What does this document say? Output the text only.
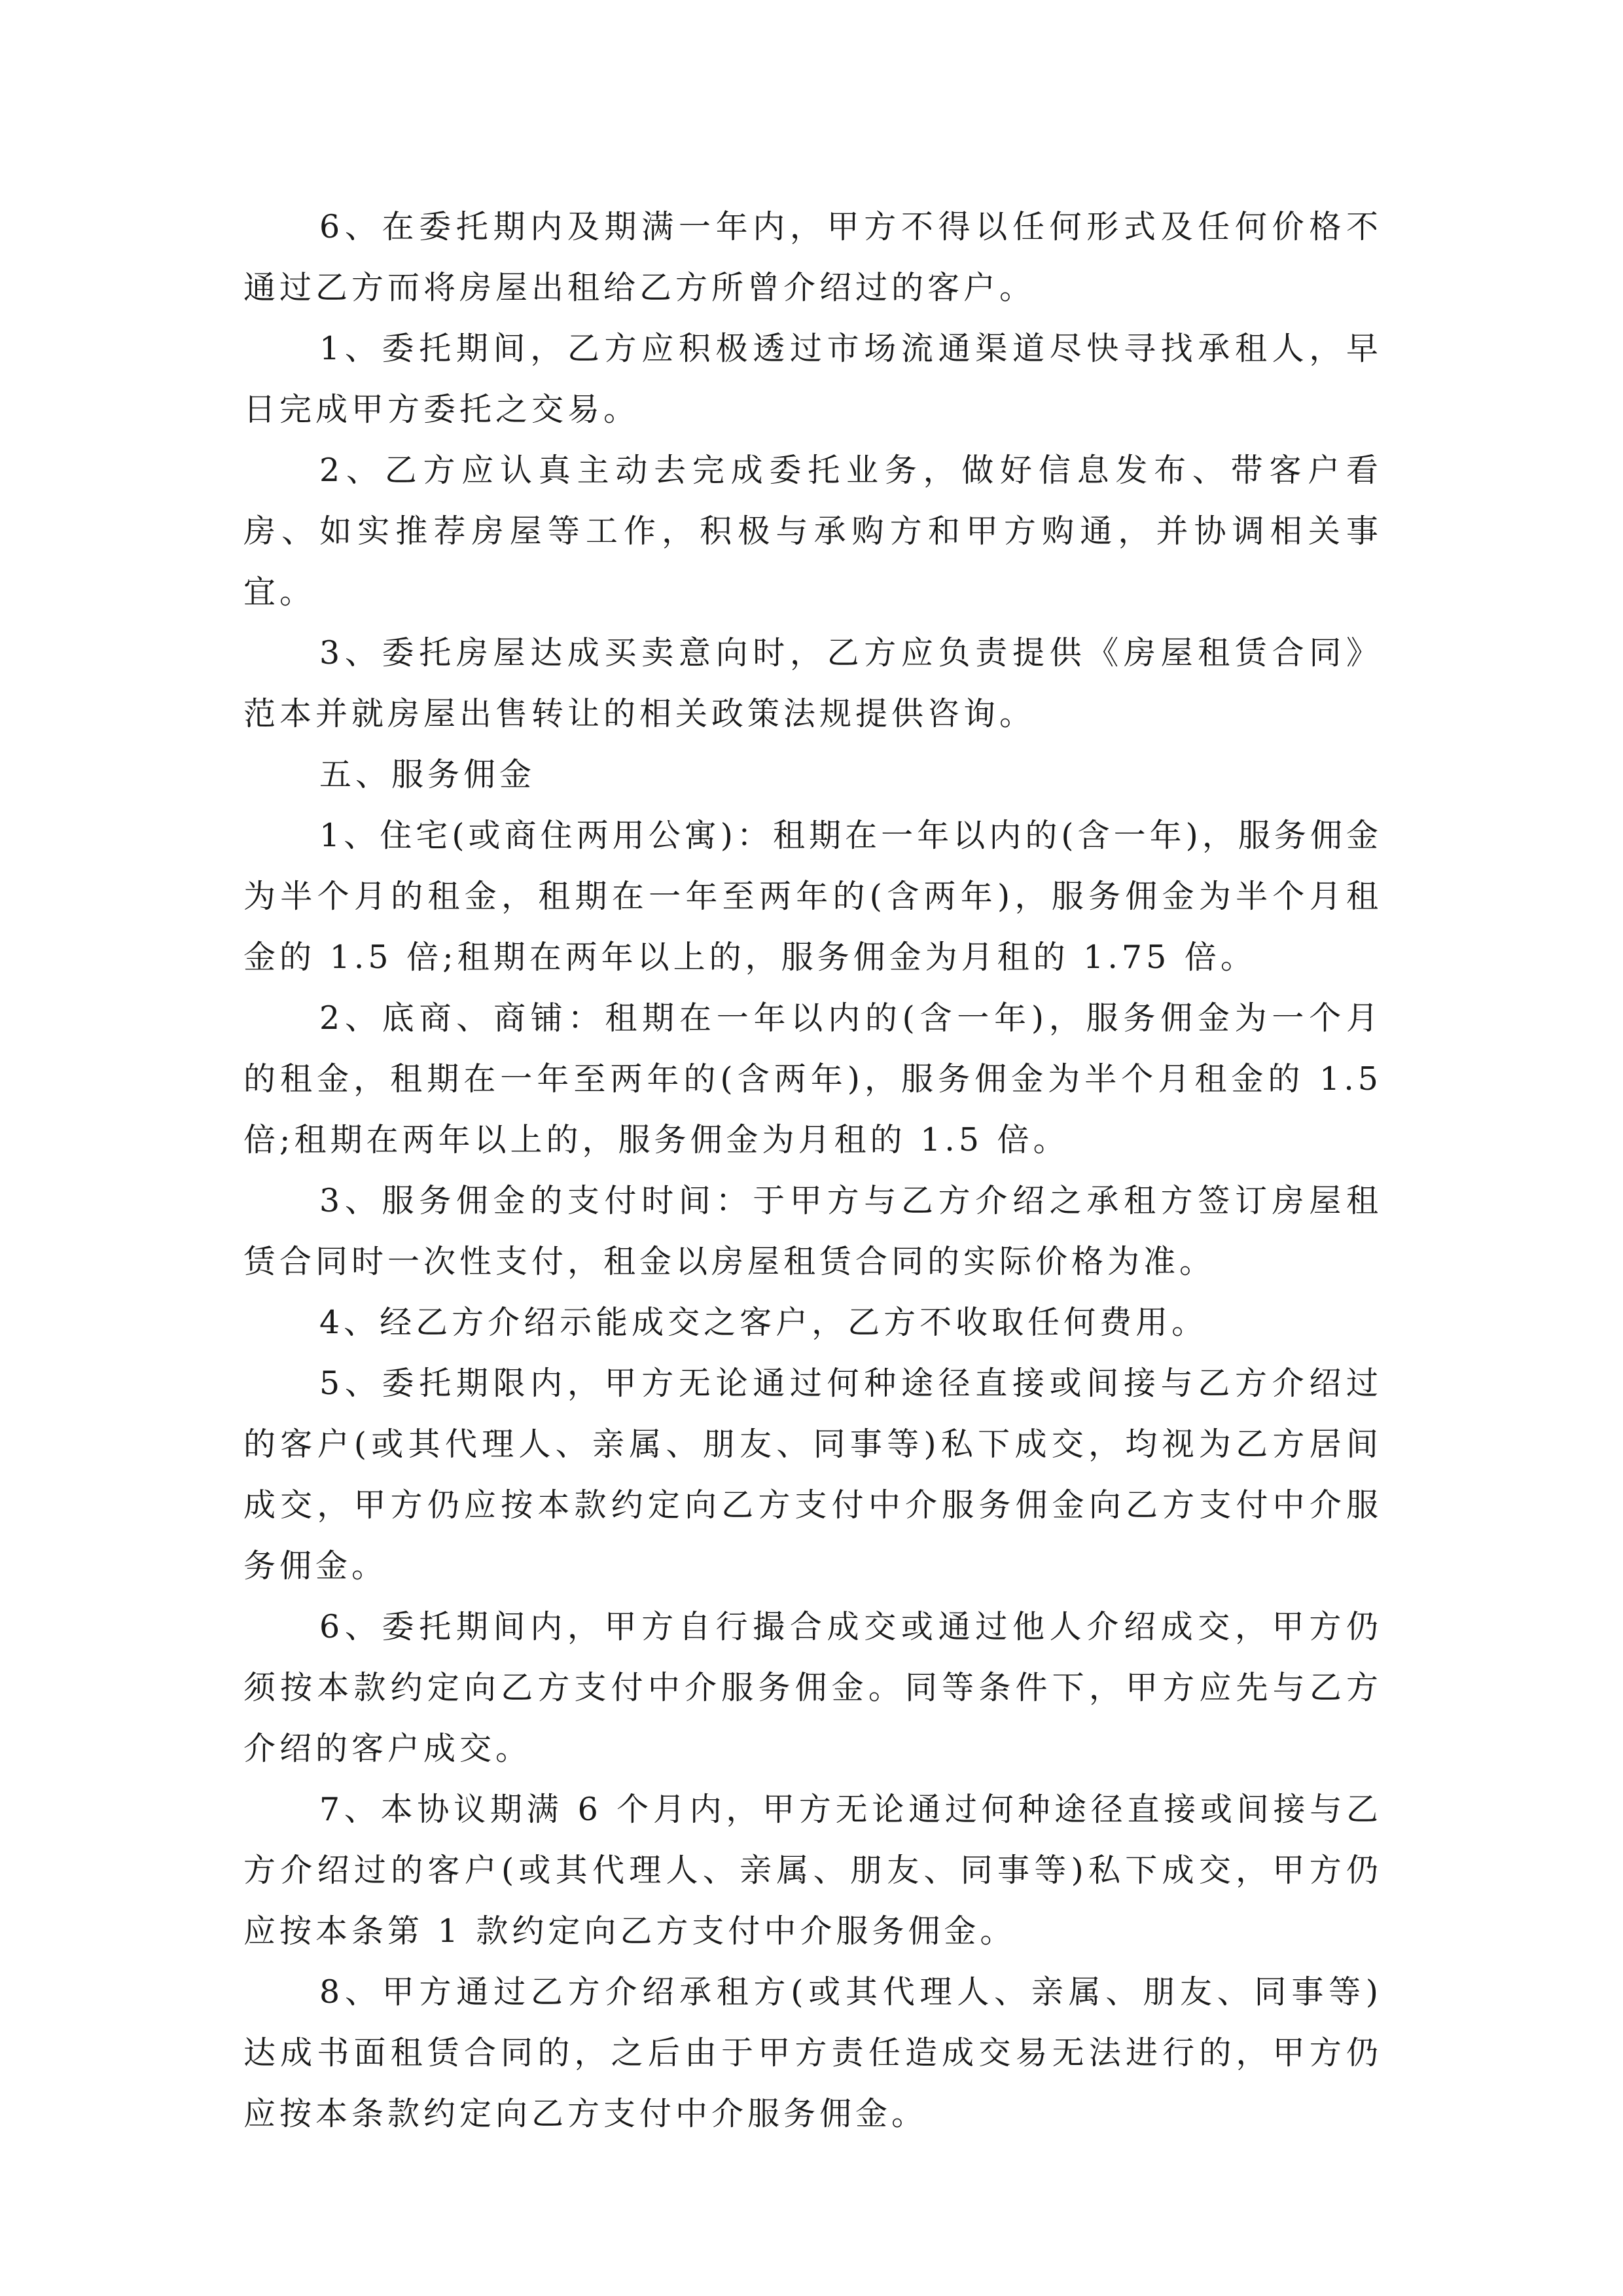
6、在委托期内及期满一年内，甲方不得以任何形式及任何价格不通过乙方而将房屋出租给乙方所曾介绍过的客户。

1、委托期间，乙方应积极透过市场流通渠道尽快寻找承租人，早日完成甲方委托之交易。

2、乙方应认真主动去完成委托业务，做好信息发布、带客户看房、如实推荐房屋等工作，积极与承购方和甲方购通，并协调相关事宜。

3、委托房屋达成买卖意向时，乙方应负责提供《房屋租赁合同》范本并就房屋出售转让的相关政策法规提供咨询。

五、服务佣金

1、住宅(或商住两用公寓)：租期在一年以内的(含一年)，服务佣金为半个月的租金，租期在一年至两年的(含两年)，服务佣金为半个月租金的 1.5 倍;租期在两年以上的，服务佣金为月租的 1.75 倍。

2、底商、商铺：租期在一年以内的(含一年)，服务佣金为一个月的租金，租期在一年至两年的(含两年)，服务佣金为半个月租金的 1.5 倍;租期在两年以上的，服务佣金为月租的 1.5 倍。

3、服务佣金的支付时间：于甲方与乙方介绍之承租方签订房屋租赁合同时一次性支付，租金以房屋租赁合同的实际价格为准。

4、经乙方介绍示能成交之客户，乙方不收取任何费用。

5、委托期限内，甲方无论通过何种途径直接或间接与乙方介绍过的客户(或其代理人、亲属、朋友、同事等)私下成交，均视为乙方居间成交，甲方仍应按本款约定向乙方支付中介服务佣金向乙方支付中介服务佣金。

6、委托期间内，甲方自行撮合成交或通过他人介绍成交，甲方仍须按本款约定向乙方支付中介服务佣金。同等条件下，甲方应先与乙方介绍的客户成交。

7、本协议期满 6 个月内，甲方无论通过何种途径直接或间接与乙方介绍过的客户(或其代理人、亲属、朋友、同事等)私下成交，甲方仍应按本条第 1 款约定向乙方支付中介服务佣金。

8、甲方通过乙方介绍承租方(或其代理人、亲属、朋友、同事等)达成书面租赁合同的，之后由于甲方责任造成交易无法进行的，甲方仍应按本条款约定向乙方支付中介服务佣金。
